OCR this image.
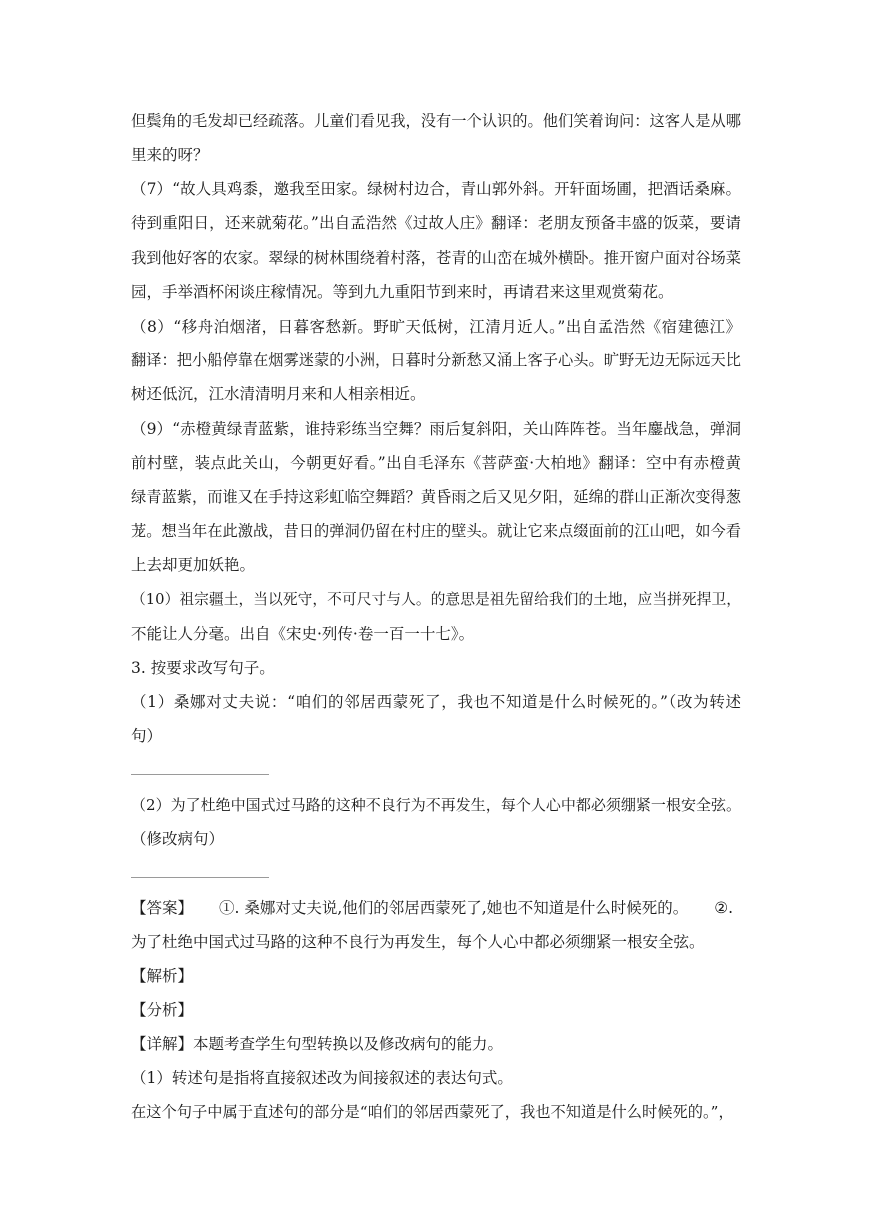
但鬓角的毛发却已经疏落。儿童们看见我，没有一个认识的。他们笑着询问：这客人是从哪
里来的呀？
（7）“故人具鸡黍，邀我至田家。绿树村边合，青山郭外斜。开轩面场圃，把酒话桑麻。
待到重阳日，还来就菊花。”出自孟浩然《过故人庄》翻译：老朋友预备丰盛的饭菜，要请
我到他好客的农家。翠绿的树林围绕着村落，苍青的山峦在城外横卧。推开窗户面对谷场菜
园，手举酒杯闲谈庄稼情况。等到九九重阳节到来时，再请君来这里观赏菊花。
（8）“移舟泊烟渚，日暮客愁新。野旷天低树，江清月近人。”出自孟浩然《宿建德江》
翻译：把小船停靠在烟雾迷蒙的小洲，日暮时分新愁又涌上客子心头。旷野无边无际远天比
树还低沉，江水清清明月来和人相亲相近。
（9）“赤橙黄绿青蓝紫，谁持彩练当空舞？雨后复斜阳，关山阵阵苍。当年鏖战急，弹洞
前村壁，装点此关山，今朝更好看。”出自毛泽东《菩萨蛮·大柏地》翻译：空中有赤橙黄
绿青蓝紫，而谁又在手持这彩虹临空舞蹈？黄昏雨之后又见夕阳，延绵的群山正渐次变得葱
茏。想当年在此激战，昔日的弹洞仍留在村庄的壁头。就让它来点缀面前的江山吧，如今看
上去却更加妖艳。
（10）祖宗疆土，当以死守，不可尺寸与人。的意思是祖先留给我们的土地，应当拼死捍卫，
不能让人分毫。出自《宋史·列传·卷一百一十七》。
3. 按要求改写句子。
（1）桑娜对丈夫说：“咱们的邻居西蒙死了，我也不知道是什么时候死的。”（改为转述
句）
（2）为了杜绝中国式过马路的这种不良行为不再发生，每个人心中都必须绷紧一根安全弦。
（修改病句）
【答案】 ①. 桑娜对丈夫说,他们的邻居西蒙死了,她也不知道是什么时候死的。 ②.
为了杜绝中国式过马路的这种不良行为再发生，每个人心中都必须绷紧一根安全弦。
【解析】
【分析】
【详解】本题考查学生句型转换以及修改病句的能力。
（1）转述句是指将直接叙述改为间接叙述的表达句式。
在这个句子中属于直述句的部分是“咱们的邻居西蒙死了，我也不知道是什么时候死的。”，
